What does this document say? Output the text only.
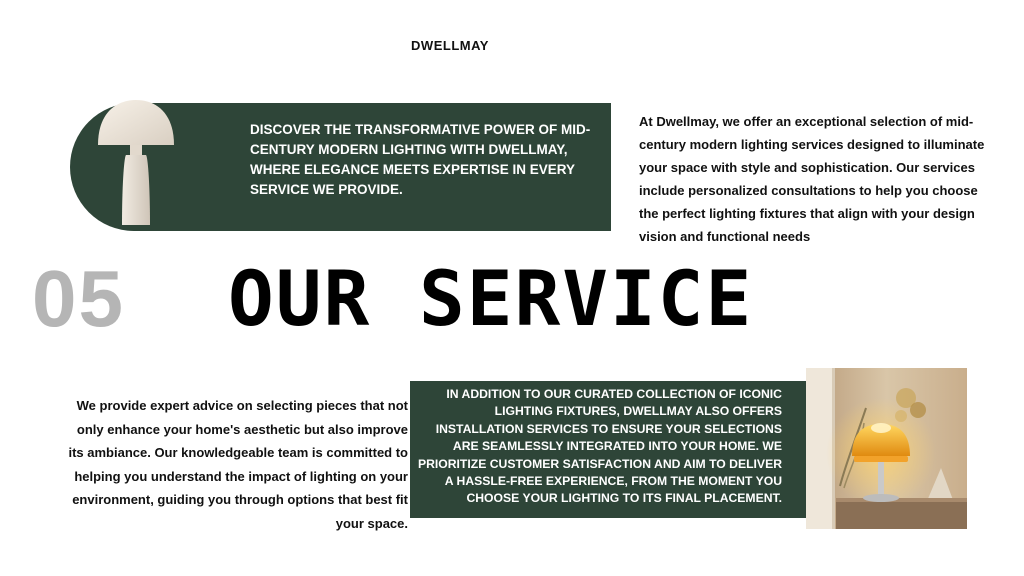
DWELLMAY
DISCOVER THE TRANSFORMATIVE POWER OF MID-CENTURY MODERN LIGHTING WITH DWELLMAY, WHERE ELEGANCE MEETS EXPERTISE IN EVERY SERVICE WE PROVIDE.
At Dwellmay, we offer an exceptional selection of mid-century modern lighting services designed to illuminate your space with style and sophistication. Our services include personalized consultations to help you choose the perfect lighting fixtures that align with your design vision and functional needs
05 OUR SERVICE
We provide expert advice on selecting pieces that not only enhance your home's aesthetic but also improve its ambiance. Our knowledgeable team is committed to helping you understand the impact of lighting on your environment, guiding you through options that best fit your space.
IN ADDITION TO OUR CURATED COLLECTION OF ICONIC LIGHTING FIXTURES, DWELLMAY ALSO OFFERS INSTALLATION SERVICES TO ENSURE YOUR SELECTIONS ARE SEAMLESSLY INTEGRATED INTO YOUR HOME. WE PRIORITIZE CUSTOMER SATISFACTION AND AIM TO DELIVER A HASSLE-FREE EXPERIENCE, FROM THE MOMENT YOU CHOOSE YOUR LIGHTING TO ITS FINAL PLACEMENT.
